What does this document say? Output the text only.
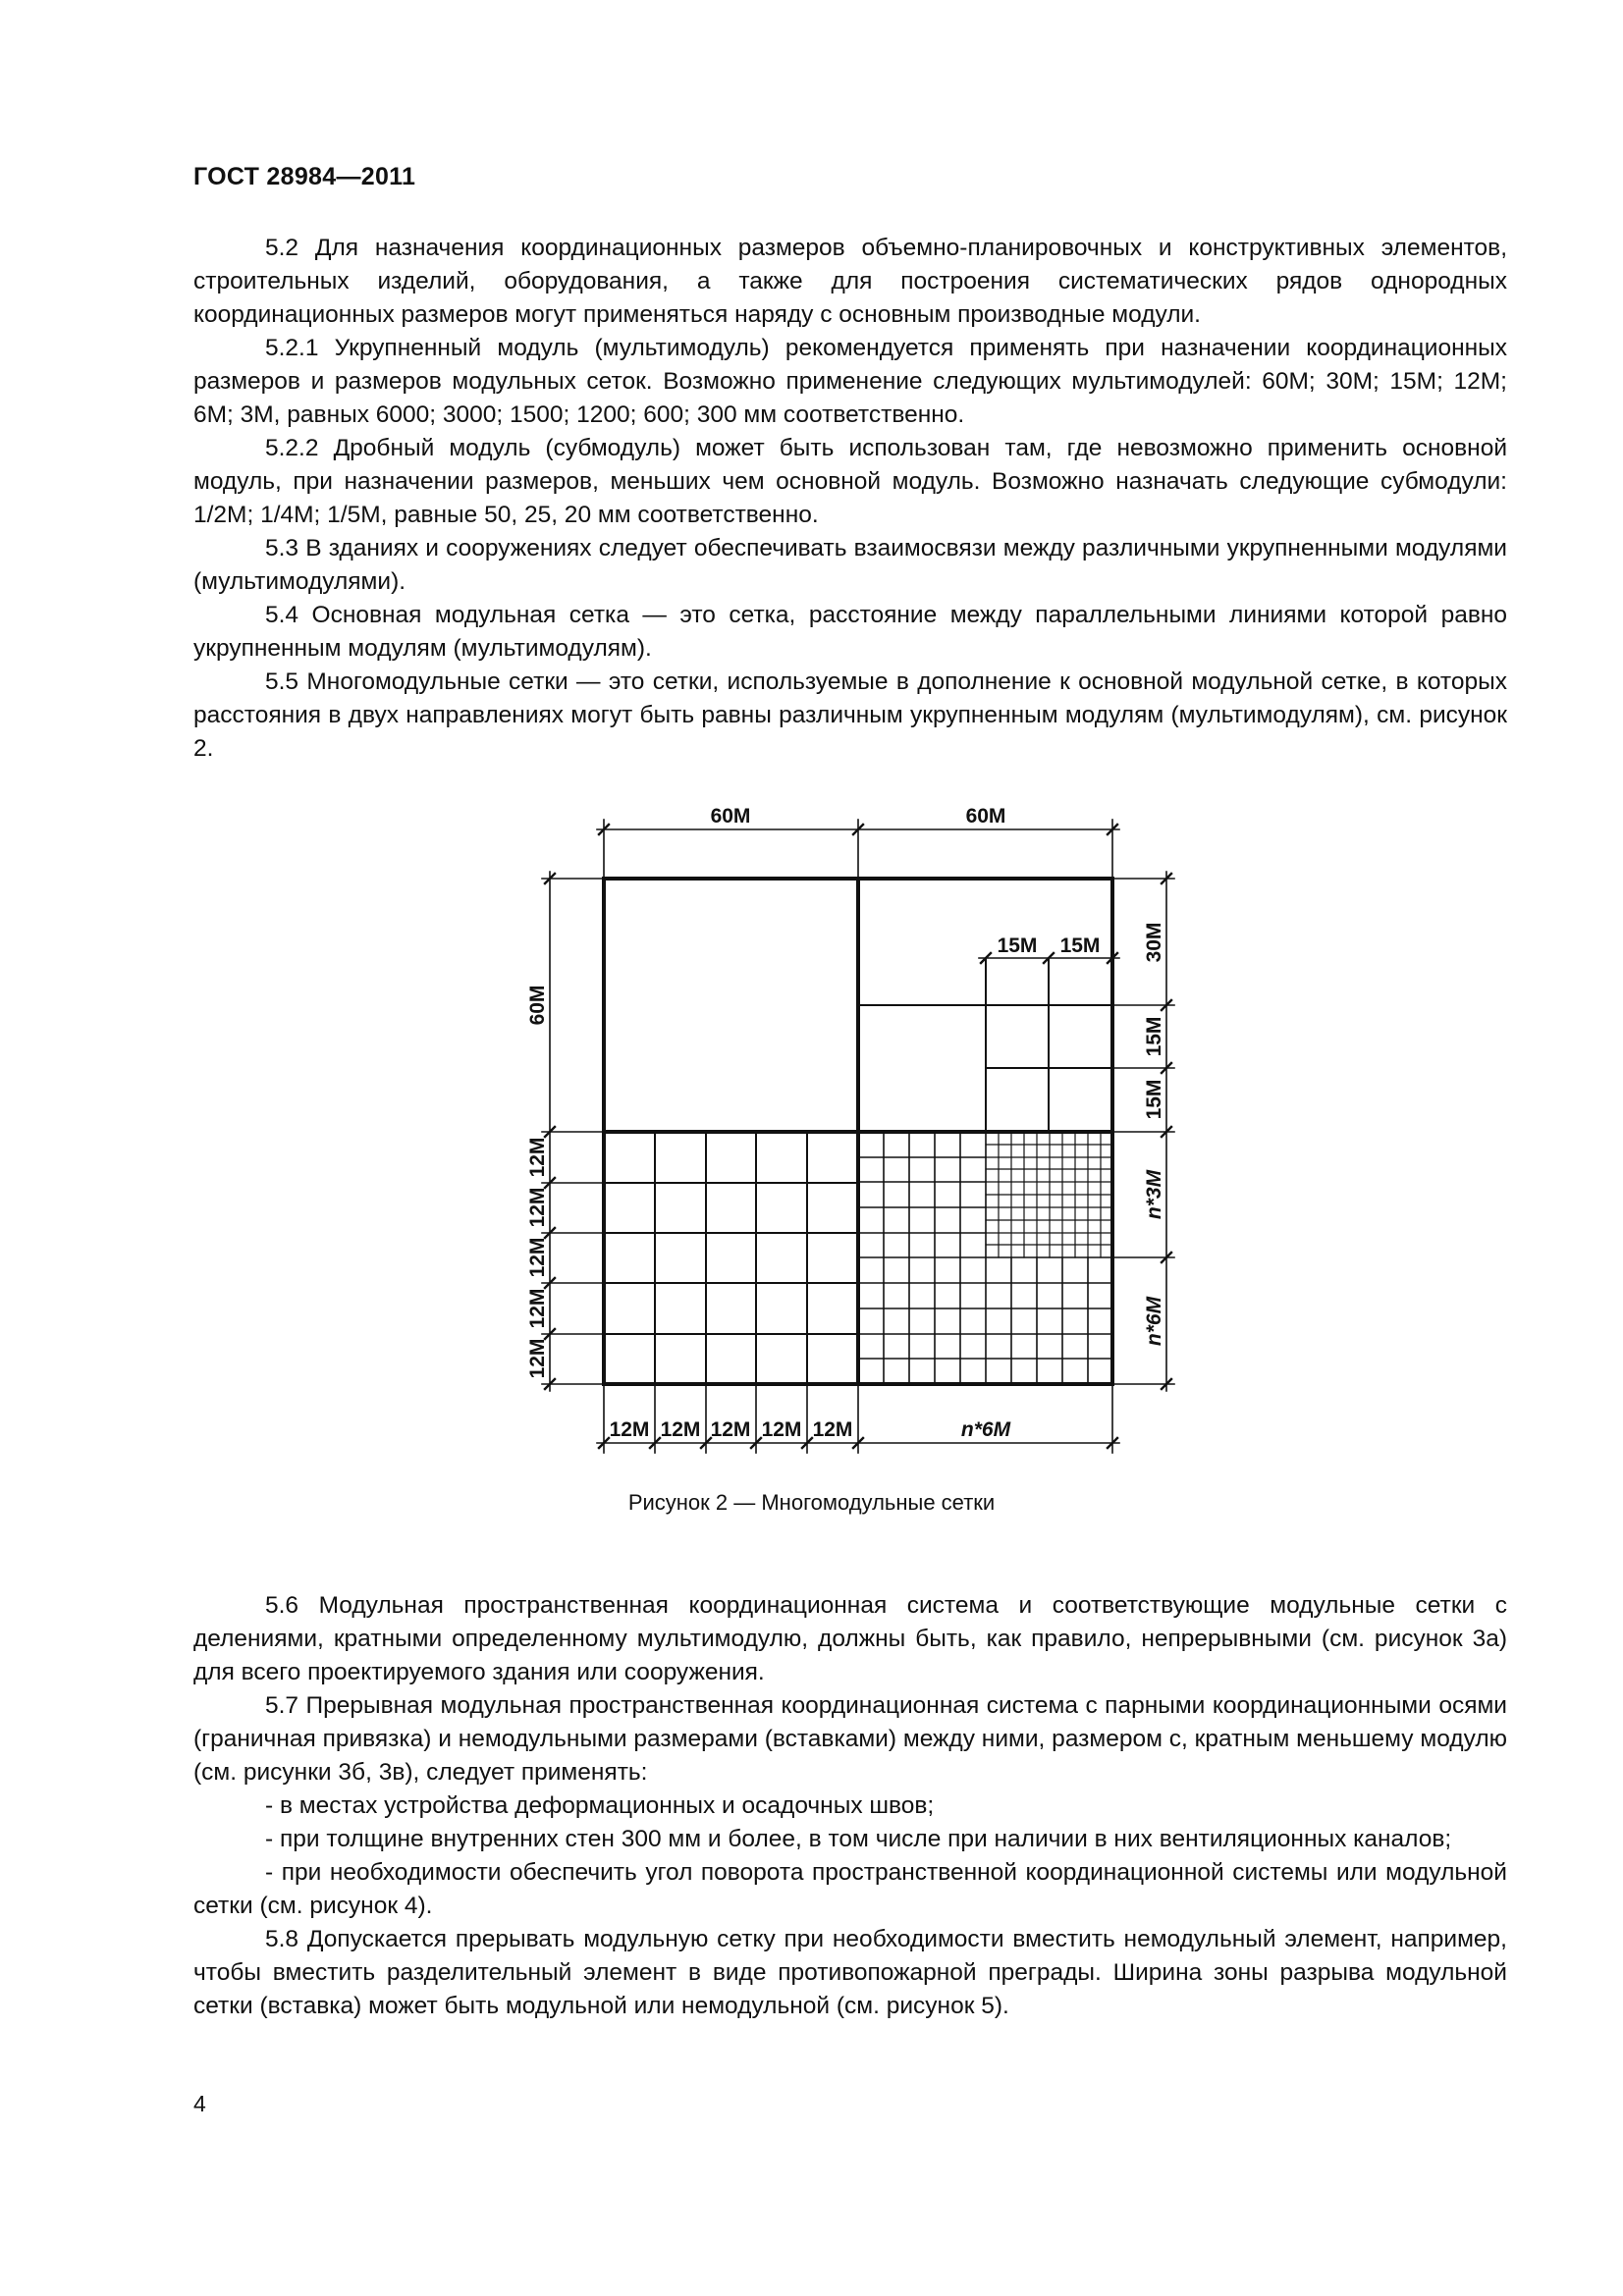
ГОСТ 28984—2011

5.2 Для назначения координационных размеров объемно-планировочных и конструктивных элементов, строительных изделий, оборудования, а также для построения систематических рядов однородных координационных размеров могут применяться наряду с основным производные модули.

5.2.1 Укрупненный модуль (мультимодуль) рекомендуется применять при назначении координационных размеров и размеров модульных сеток. Возможно применение следующих мультимодулей: 60М; 30М; 15М; 12М; 6М; 3М, равных 6000; 3000; 1500; 1200; 600; 300 мм соответственно.

5.2.2 Дробный модуль (субмодуль) может быть использован там, где невозможно применить основной модуль, при назначении размеров, меньших чем основной модуль. Возможно назначать следующие субмодули: 1/2М; 1/4М; 1/5М, равные 50, 25, 20 мм соответственно.

5.3 В зданиях и сооружениях следует обеспечивать взаимосвязи между различными укрупненными модулями (мультимодулями).

5.4 Основная модульная сетка — это сетка, расстояние между параллельными линиями которой равно укрупненным модулям (мультимодулям).

5.5 Многомодульные сетки — это сетки, используемые в дополнение к основной модульной сетке, в которых расстояния в двух направлениях могут быть равны различным укрупненным модулям (мультимодулям), см. рисунок 2.

60М	60М
15М 15М
60М
12М
12М
12М
12М
12М
30М
15М
15М
n*3М
n*6М
12М 12М 12М 12М 12М	n*6М
Рисунок 2 — Многомодульные сетки

5.6 Модульная пространственная координационная система и соответствующие модульные сетки с делениями, кратными определенному мультимодулю, должны быть, как правило, непрерывными (см. рисунок 3а) для всего проектируемого здания или сооружения.

5.7 Прерывная модульная пространственная координационная система с парными координационными осями (граничная привязка) и немодульными размерами (вставками) между ними, размером с, кратным меньшему модулю (см. рисунки 3б, 3в), следует применять:

- в местах устройства деформационных и осадочных швов;

- при толщине внутренних стен 300 мм и более, в том числе при наличии в них вентиляционных каналов;

- при необходимости обеспечить угол поворота пространственной координационной системы или модульной сетки (см. рисунок 4).

5.8 Допускается прерывать модульную сетку при необходимости вместить немодульный элемент, например, чтобы вместить разделительный элемент в виде противопожарной преграды. Ширина зоны разрыва модульной сетки (вставка) может быть модульной или немодульной (см. рисунок 5).

4
